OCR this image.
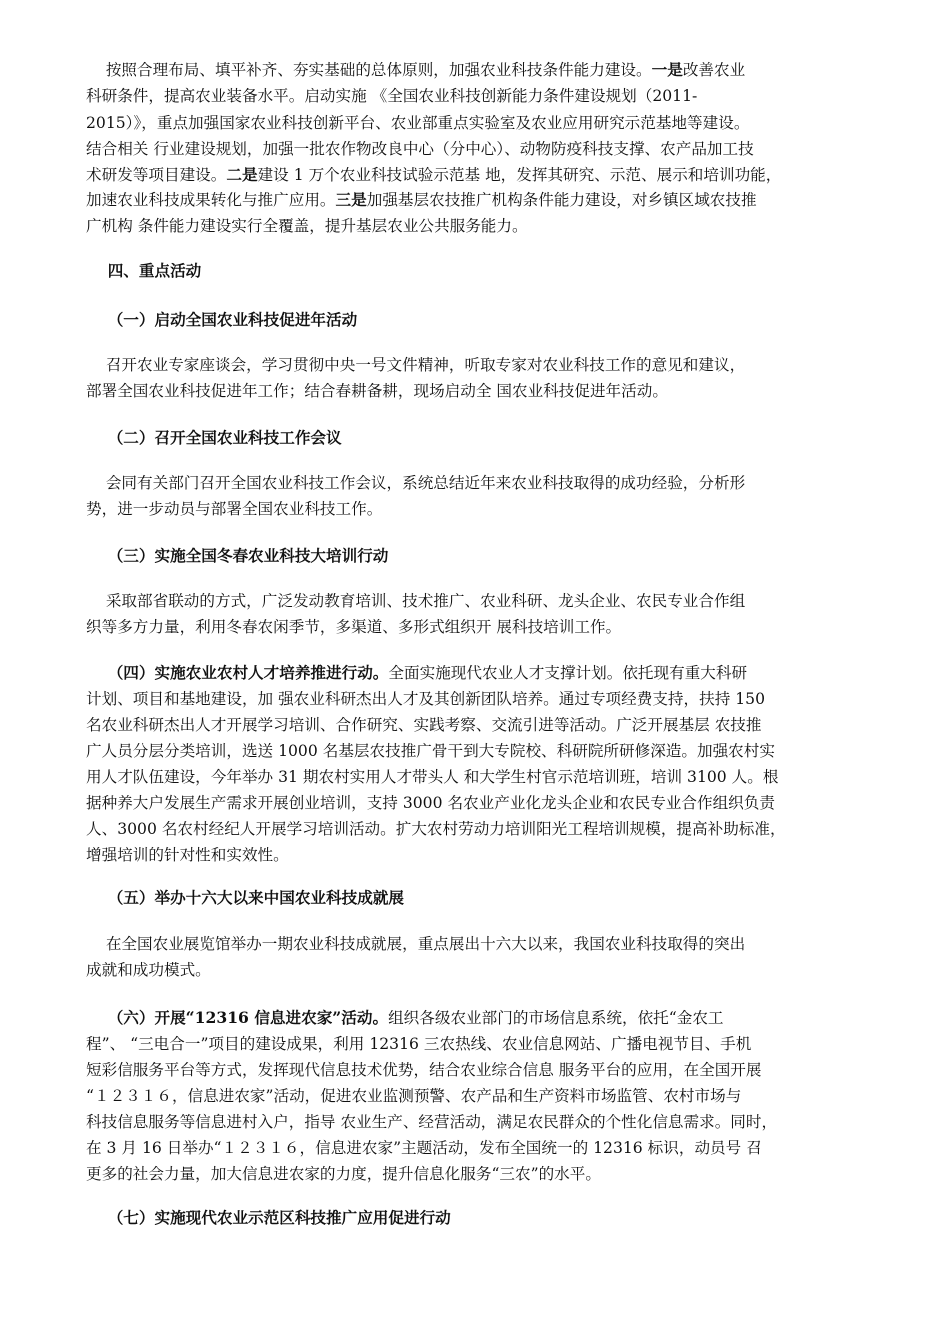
按照合理布局、填平补齐、夯实基础的总体原则，加强农业科技条件能力建设。一是改善农业
科研条件，提高农业装备水平。启动实施 《全国农业科技创新能力条件建设规划（2011-
2015）》，重点加强国家农业科技创新平台、农业部重点实验室及农业应用研究示范基地等建设。
结合相关 行业建设规划，加强一批农作物改良中心（分中心）、动物防疫科技支撑、农产品加工技
术研发等项目建设。二是建设 1 万个农业科技试验示范基 地，发挥其研究、示范、展示和培训功能，
加速农业科技成果转化与推广应用。三是加强基层农技推广机构条件能力建设，对乡镇区域农技推
广机构 条件能力建设实行全覆盖，提升基层农业公共服务能力。
四、重点活动
（一）启动全国农业科技促进年活动
召开农业专家座谈会，学习贯彻中央一号文件精神，听取专家对农业科技工作的意见和建议，
部署全国农业科技促进年工作；结合春耕备耕，现场启动全 国农业科技促进年活动。
（二）召开全国农业科技工作会议
会同有关部门召开全国农业科技工作会议，系统总结近年来农业科技取得的成功经验，分析形
势，进一步动员与部署全国农业科技工作。
（三）实施全国冬春农业科技大培训行动
采取部省联动的方式，广泛发动教育培训、技术推广、农业科研、龙头企业、农民专业合作组
织等多方力量，利用冬春农闲季节，多渠道、多形式组织开 展科技培训工作。
（四）实施农业农村人才培养推进行动。全面实施现代农业人才支撑计划。依托现有重大科研
计划、项目和基地建设，加 强农业科研杰出人才及其创新团队培养。通过专项经费支持，扶持 150
名农业科研杰出人才开展学习培训、合作研究、实践考察、交流引进等活动。广泛开展基层 农技推
广人员分层分类培训，选送 1000 名基层农技推广骨干到大专院校、科研院所研修深造。加强农村实
用人才队伍建设，今年举办 31 期农村实用人才带头人 和大学生村官示范培训班，培训 3100 人。根
据种养大户发展生产需求开展创业培训，支持 3000 名农业产业化龙头企业和农民专业合作组织负责
人、3000 名农村经纪人开展学习培训活动。扩大农村劳动力培训阳光工程培训规模，提高补助标准，
增强培训的针对性和实效性。
（五）举办十六大以来中国农业科技成就展
在全国农业展览馆举办一期农业科技成就展，重点展出十六大以来，我国农业科技取得的突出
成就和成功模式。
（六）开展“12316 信息进农家”活动。组织各级农业部门的市场信息系统，依托“金农工
程”、 “三电合一”项目的建设成果，利用 12316 三农热线、农业信息网站、广播电视节目、手机
短彩信服务平台等方式，发挥现代信息技术优势，结合农业综合信息 服务平台的应用，在全国开展
“１２３１６，信息进农家”活动，促进农业监测预警、农产品和生产资料市场监管、农村市场与
科技信息服务等信息进村入户，指导 农业生产、经营活动，满足农民群众的个性化信息需求。同时，
在 3 月 16 日举办“１２３１６，信息进农家”主题活动，发布全国统一的 12316 标识，动员号 召
更多的社会力量，加大信息进农家的力度，提升信息化服务“三农”的水平。
（七）实施现代农业示范区科技推广应用促进行动
